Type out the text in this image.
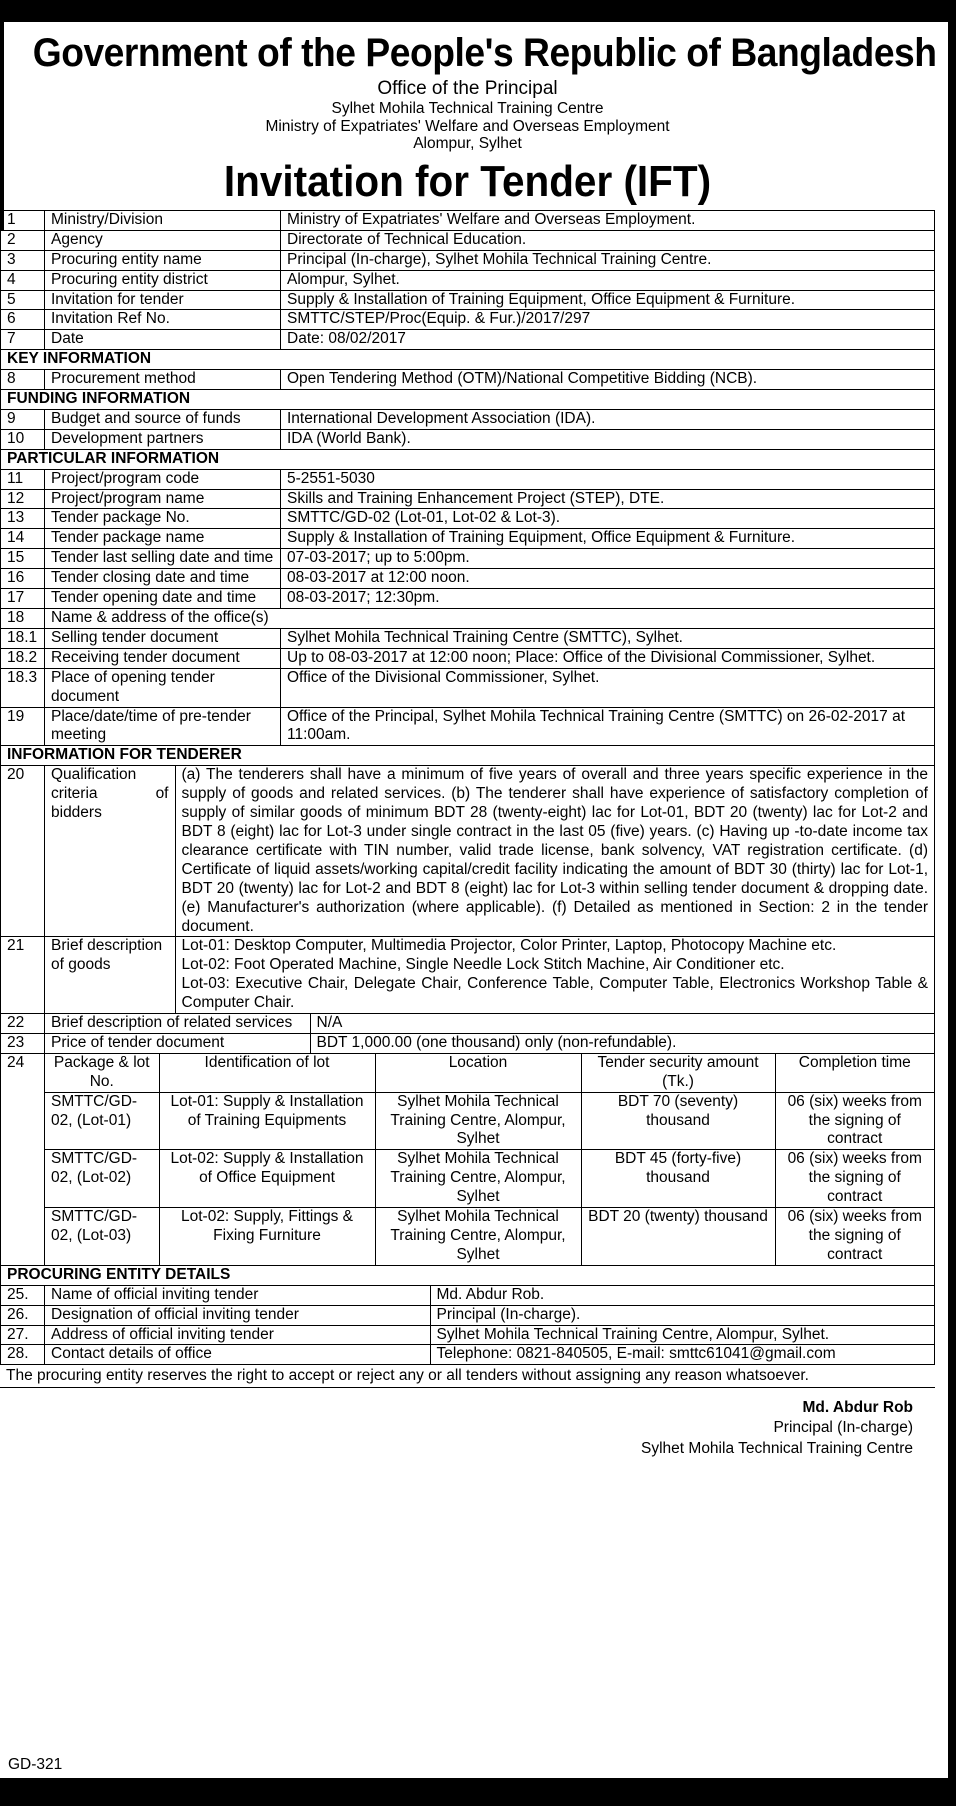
Government of the People's Republic of Bangladesh
Office of the Principal
Sylhet Mohila Technical Training Centre
Ministry of Expatriates' Welfare and Overseas Employment
Alompur, Sylhet
Invitation for Tender (IFT)
1	Ministry/Division	Ministry of Expatriates' Welfare and Overseas Employment.
2	Agency	Directorate of Technical Education.
3	Procuring entity name	Principal (In-charge), Sylhet Mohila Technical Training Centre.
4	Procuring entity district	Alompur, Sylhet.
5	Invitation for tender	Supply & Installation of Training Equipment, Office Equipment & Furniture.
6	Invitation Ref No.	SMTTC/STEP/Proc(Equip. & Fur.)/2017/297
7	Date	Date: 08/02/2017
KEY INFORMATION
8	Procurement method	Open Tendering Method (OTM)/National Competitive Bidding (NCB).
FUNDING INFORMATION
9	Budget and source of funds	International Development Association (IDA).
10	Development partners	IDA (World Bank).
PARTICULAR INFORMATION
11	Project/program code	5-2551-5030
12	Project/program name	Skills and Training Enhancement Project (STEP), DTE.
13	Tender package No.	SMTTC/GD-02 (Lot-01, Lot-02 & Lot-3).
14	Tender package name	Supply & Installation of Training Equipment, Office Equipment & Furniture.
15	Tender last selling date and time	07-03-2017; up to 5:00pm.
16	Tender closing date and time	08-03-2017 at 12:00 noon.
17	Tender opening date and time	08-03-2017; 12:30pm.
18	Name & address of the office(s)
18.1	Selling tender document	Sylhet Mohila Technical Training Centre (SMTTC), Sylhet.
18.2	Receiving tender document	Up to 08-03-2017 at 12:00 noon; Place: Office of the Divisional Commissioner, Sylhet.
18.3	Place of opening tender document	Office of the Divisional Commissioner, Sylhet.
19	Place/date/time of pre-tender meeting	Office of the Principal, Sylhet Mohila Technical Training Centre (SMTTC) on 26-02-2017 at 11:00am.
INFORMATION FOR TENDERER
20	Qualification criteria of bidders	(a) The tenderers shall have a minimum of five years of overall and three years specific experience in the supply of goods and related services. (b) The tenderer shall have experience of satisfactory completion of supply of similar goods of minimum BDT 28 (twenty-eight) lac for Lot-01, BDT 20 (twenty) lac for Lot-2 and BDT 8 (eight) lac for Lot-3 under single contract in the last 05 (five) years. (c) Having up -to-date income tax clearance certificate with TIN number, valid trade license, bank solvency, VAT registration certificate. (d) Certificate of liquid assets/working capital/credit facility indicating the amount of BDT 30 (thirty) lac for Lot-1, BDT 20 (twenty) lac for Lot-2 and BDT 8 (eight) lac for Lot-3 within selling tender document & dropping date. (e) Manufacturer's authorization (where applicable). (f) Detailed as mentioned in Section: 2 in the tender document.

21	Brief description of goods	
Lot-01: Desktop Computer, Multimedia Projector, Color Printer, Laptop, Photocopy Machine etc.
Lot-02: Foot Operated Machine, Single Needle Lock Stitch Machine, Air Conditioner etc.
Lot-03: Executive Chair, Delegate Chair, Conference Table, Computer Table, Electronics Workshop Table & Computer Chair.

22	Brief description of related services	N/A

23	Price of tender document	BDT 1,000.00 (one thousand) only (non-refundable).

24	Package & lot No.	Identification of lot	Location	Tender security amount (Tk.)	Completion time
SMTTC/GD-02, (Lot-01)	Lot-01: Supply & Installation of Training Equipments	Sylhet Mohila Technical Training Centre, Alompur, Sylhet	BDT 70 (seventy) thousand	06 (six) weeks from the signing of contract
SMTTC/GD-02, (Lot-02)	Lot-02: Supply & Installation of Office Equipment	Sylhet Mohila Technical Training Centre, Alompur, Sylhet	BDT 45 (forty-five) thousand	06 (six) weeks from the signing of contract
SMTTC/GD-02, (Lot-03)	Lot-02: Supply, Fittings & Fixing Furniture	Sylhet Mohila Technical Training Centre, Alompur, Sylhet	BDT 20 (twenty) thousand	06 (six) weeks from the signing of contract

PROCURING ENTITY DETAILS
25.	Name of official inviting tender	Md. Abdur Rob.

26.	Designation of official inviting tender	Principal (In-charge).

27.	Address of official inviting tender	Sylhet Mohila Technical Training Centre, Alompur, Sylhet.

28.	Contact details of office	Telephone: 0821-840505, E-mail: smttc61041@gmail.com
The procuring entity reserves the right to accept or reject any or all tenders without assigning any reason whatsoever.
Md. Abdur Rob
Principal (In-charge)
Sylhet Mohila Technical Training Centre
GD-321
